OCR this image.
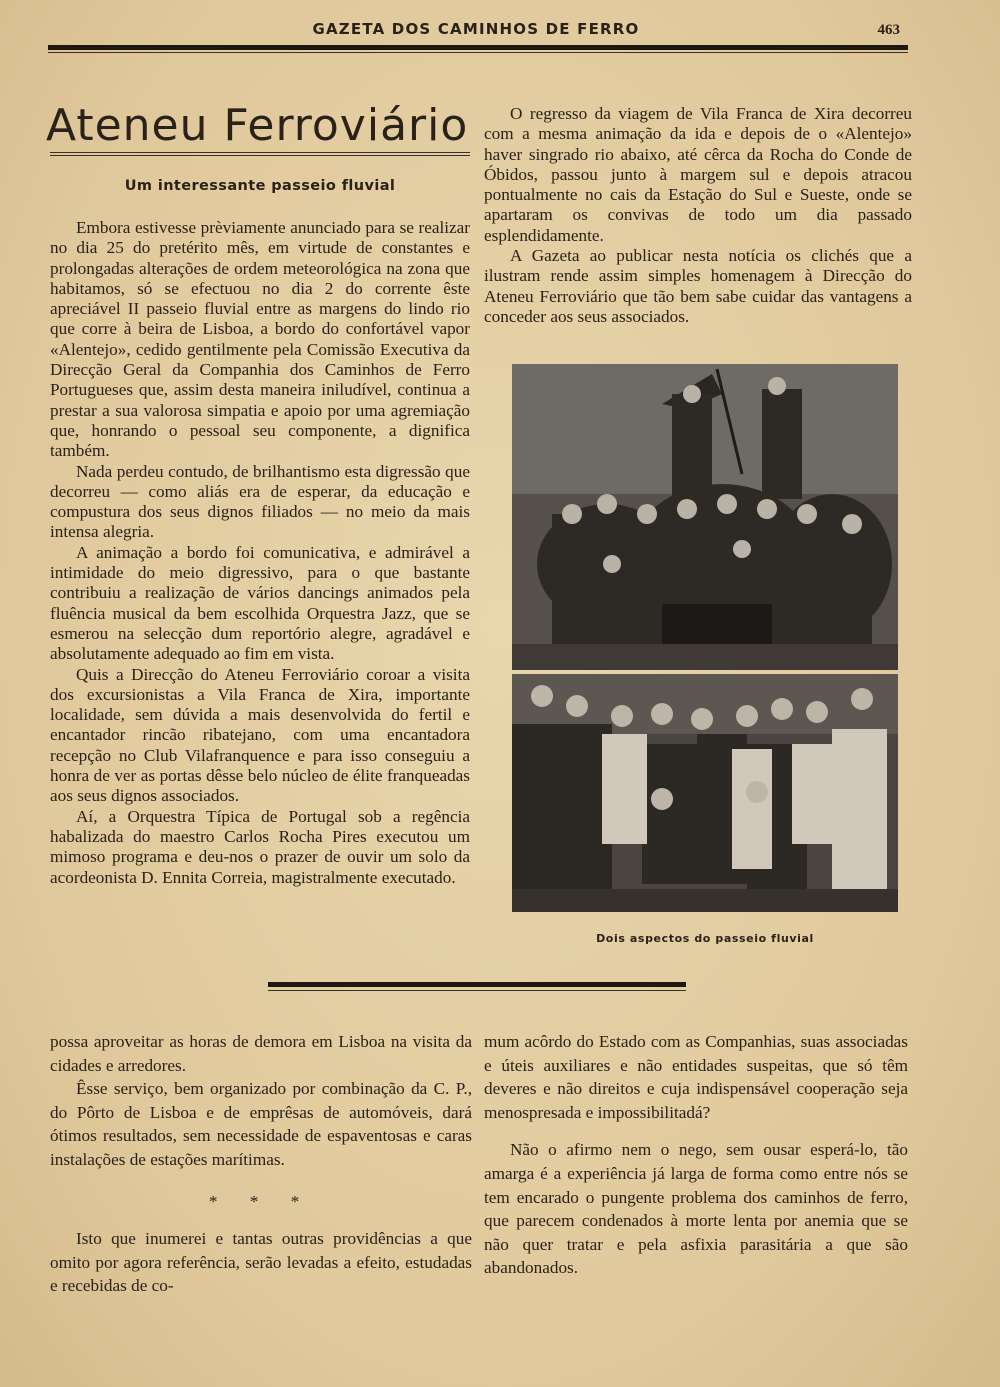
GAZETA DOS CAMINHOS DE FERRO	463
Ateneu Ferroviário
Um interessante passeio fluvial

Embora estivesse prèviamente anunciado para se realizar no dia 25 do pretérito mês, em virtude de constantes e prolongadas alterações de ordem meteorológica na zona que habitamos, só se efectuou no dia 2 do corrente êste apreciável II passeio fluvial entre as margens do lindo rio que corre à beira de Lisboa, a bordo do confortável vapor «Alentejo», cedido gentilmente pela Comissão Executiva da Direcção Geral da Companhia dos Caminhos de Ferro Portugueses que, assim desta maneira iniludível, continua a prestar a sua valorosa simpatia e apoio por uma agremiação que, honrando o pessoal seu componente, a dignifica também.

Nada perdeu contudo, de brilhantismo esta digressão que decorreu — como aliás era de esperar, da educação e compustura dos seus dignos filiados — no meio da mais intensa alegria.

A animação a bordo foi comunicativa, e admirável a intimidade do meio digressivo, para o que bastante contribuiu a realização de vários dancings animados pela fluência musical da bem escolhida Orquestra Jazz, que se esmerou na selecção dum reportório alegre, agradável e absolutamente adequado ao fim em vista.

Quis a Direcção do Ateneu Ferroviário coroar a visita dos excursionistas a Vila Franca de Xira, importante localidade, sem dúvida a mais desenvolvida do fertil e encantador rincão ribatejano, com uma encantadora recepção no Club Vilafranquence e para isso conseguiu a honra de ver as portas dêsse belo núcleo de élite franqueadas aos seus dignos associados.

Aí, a Orquestra Típica de Portugal sob a regência habalizada do maestro Carlos Rocha Pires executou um mimoso programa e deu-nos o prazer de ouvir um solo da acordeonista D. Ennita Correia, magistralmente executado.

O regresso da viagem de Vila Franca de Xira decorreu com a mesma animação da ida e depois de o «Alentejo» haver singrado rio abaixo, até cêrca da Rocha do Conde de Óbidos, passou junto à margem sul e depois atracou pontualmente no cais da Estação do Sul e Sueste, onde se apartaram os convivas de todo um dia passado esplendidamente.

A Gazeta ao publicar nesta notícia os clichés que a ilustram rende assim simples homenagem à Direcção do Ateneu Ferroviário que tão bem sabe cuidar das vantagens a conceder aos seus associados.

Dois aspectos do passeio fluvial

possa aproveitar as horas de demora em Lisboa na visita da cidades e arredores.

Êsse serviço, bem organizado por combinação da C. P., do Pôrto de Lisboa e de emprêsas de automóveis, dará ótimos resultados, sem necessidade de espaventosas e caras instalações de estações marítimas.

* * *

Isto que inumerei e tantas outras providências a que omito por agora referência, serão levadas a efeito, estudadas e recebidas de co-

mum acôrdo do Estado com as Companhias, suas associadas e úteis auxiliares e não entidades suspeitas, que só têm deveres e não direitos e cuja indispensável cooperação seja menospresada e impossibilitadá?

Não o afirmo nem o nego, sem ousar esperá-lo, tão amarga é a experiência já larga de forma como entre nós se tem encarado o pungente problema dos caminhos de ferro, que parecem condenados à morte lenta por anemia que se não quer tratar e pela asfixia parasitária a que são abandonados.
